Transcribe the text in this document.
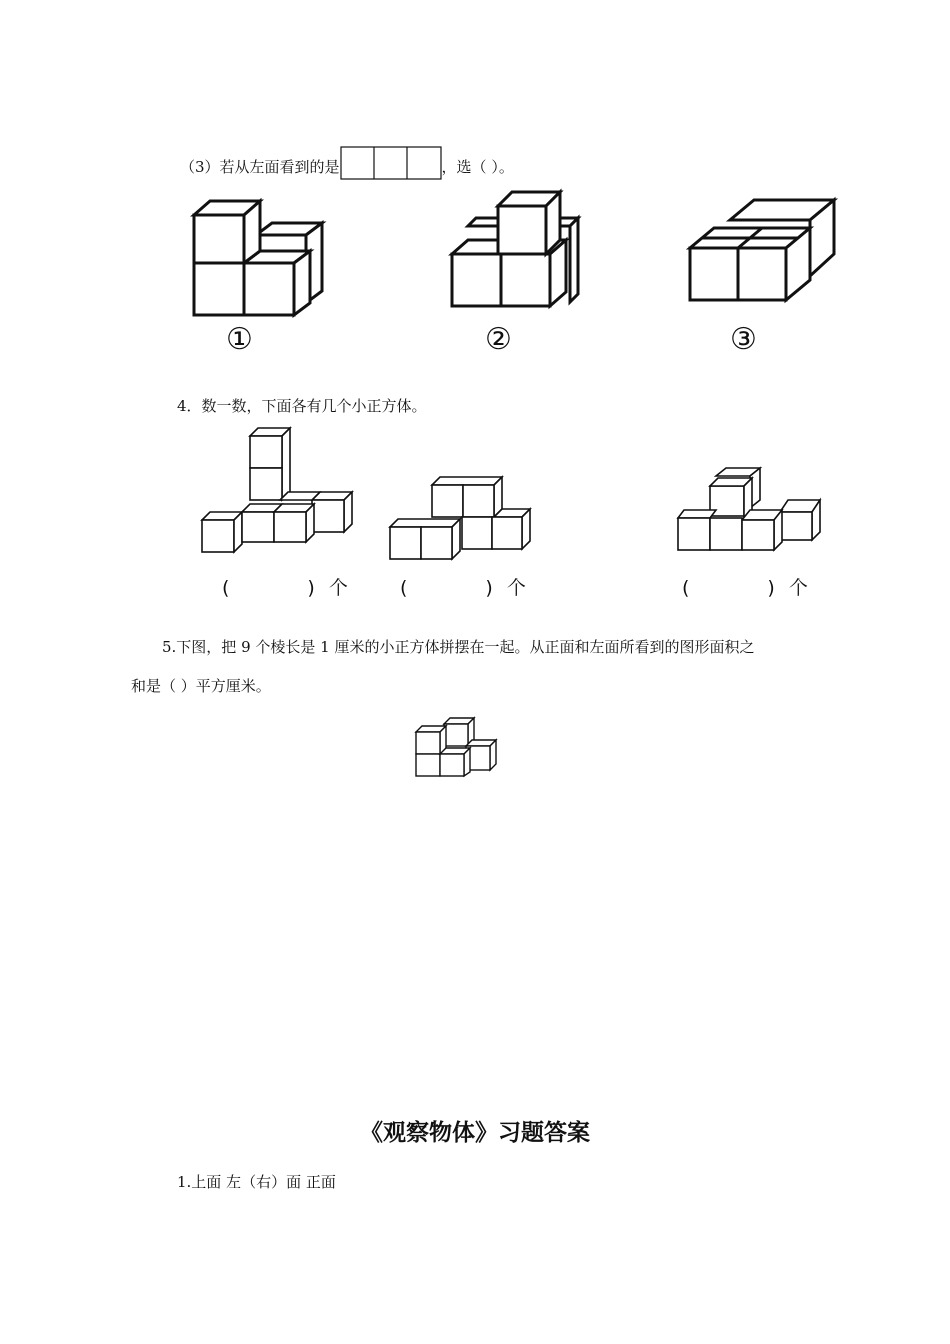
（3）若从左面看到的是	，选（ ）。
①	②	③
4．数一数，下面各有几个小正方体。
(	) 个	(	) 个	(	) 个
5.下图，把 9 个棱长是 1 厘米的小正方体拼摆在一起。从正面和左面所看到的图形面积之
和是（ ）平方厘米。
《观察物体》习题答案
1.上面 左（右）面 正面
